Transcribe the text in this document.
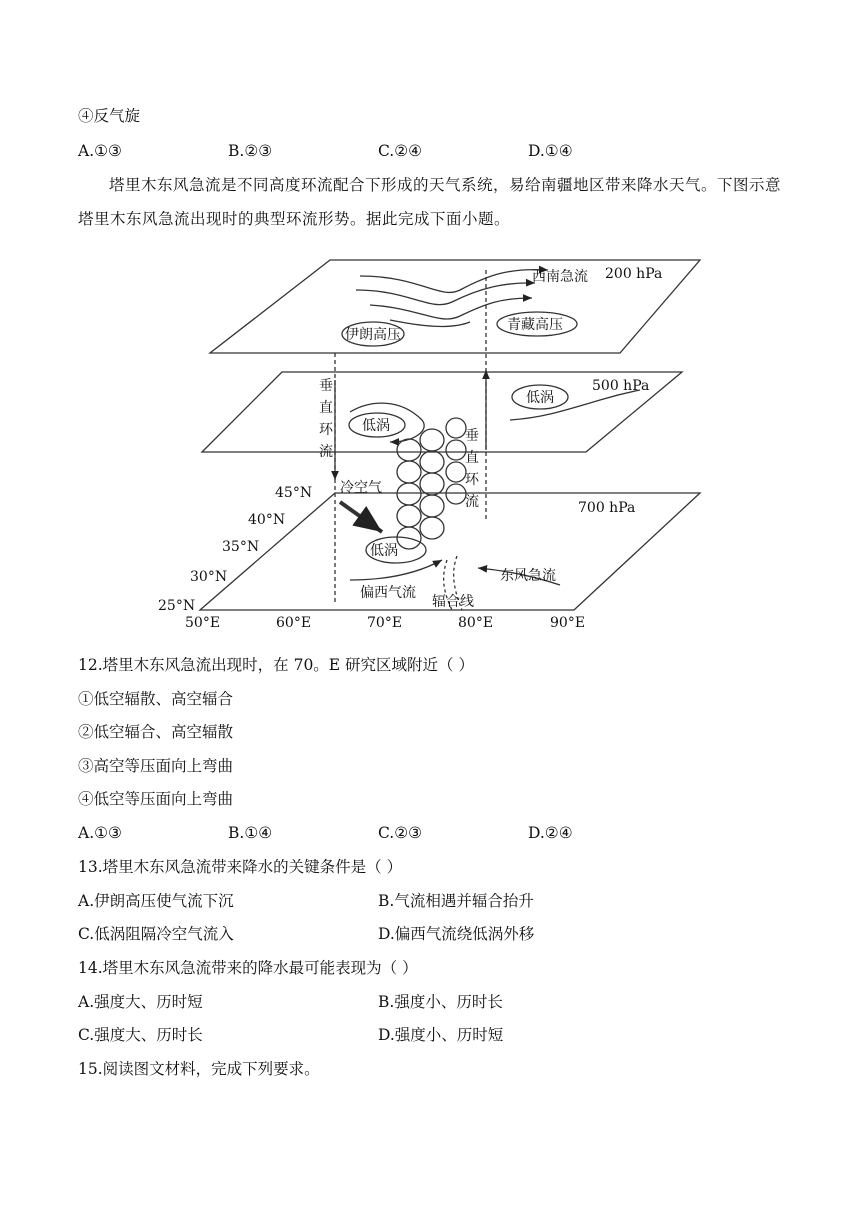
④反气旋
A.①③	B.②③	C.②④	D.①④
塔里木东风急流是不同高度环流配合下形成的天气系统，易给南疆地区带来降水天气。下图示意塔里木东风急流出现时的典型环流形势。据此完成下面小题。
西南急流 200 hPa
伊朗高压
青藏高压
500 hPa
低涡
低涡
垂
直
环
流
垂
直
环
流
冷空气
700 hPa
低涡
偏西气流
东风急流
辐合线
45°N
40°N
35°N
30°N
25°N
50°E	60°E	70°E	80°E	90°E
12.塔里木东风急流出现时，在 70。E 研究区域附近（ ）
①低空辐散、高空辐合
②低空辐合、高空辐散
③高空等压面向上弯曲
④低空等压面向上弯曲
A.①③	B.①④	C.②③	D.②④
13.塔里木东风急流带来降水的关键条件是（ ）
A.伊朗高压使气流下沉	B.气流相遇并辐合抬升
C.低涡阻隔冷空气流入	D.偏西气流绕低涡外移
14.塔里木东风急流带来的降水最可能表现为（ ）
A.强度大、历时短	B.强度小、历时长
C.强度大、历时长	D.强度小、历时短
15.阅读图文材料，完成下列要求。
